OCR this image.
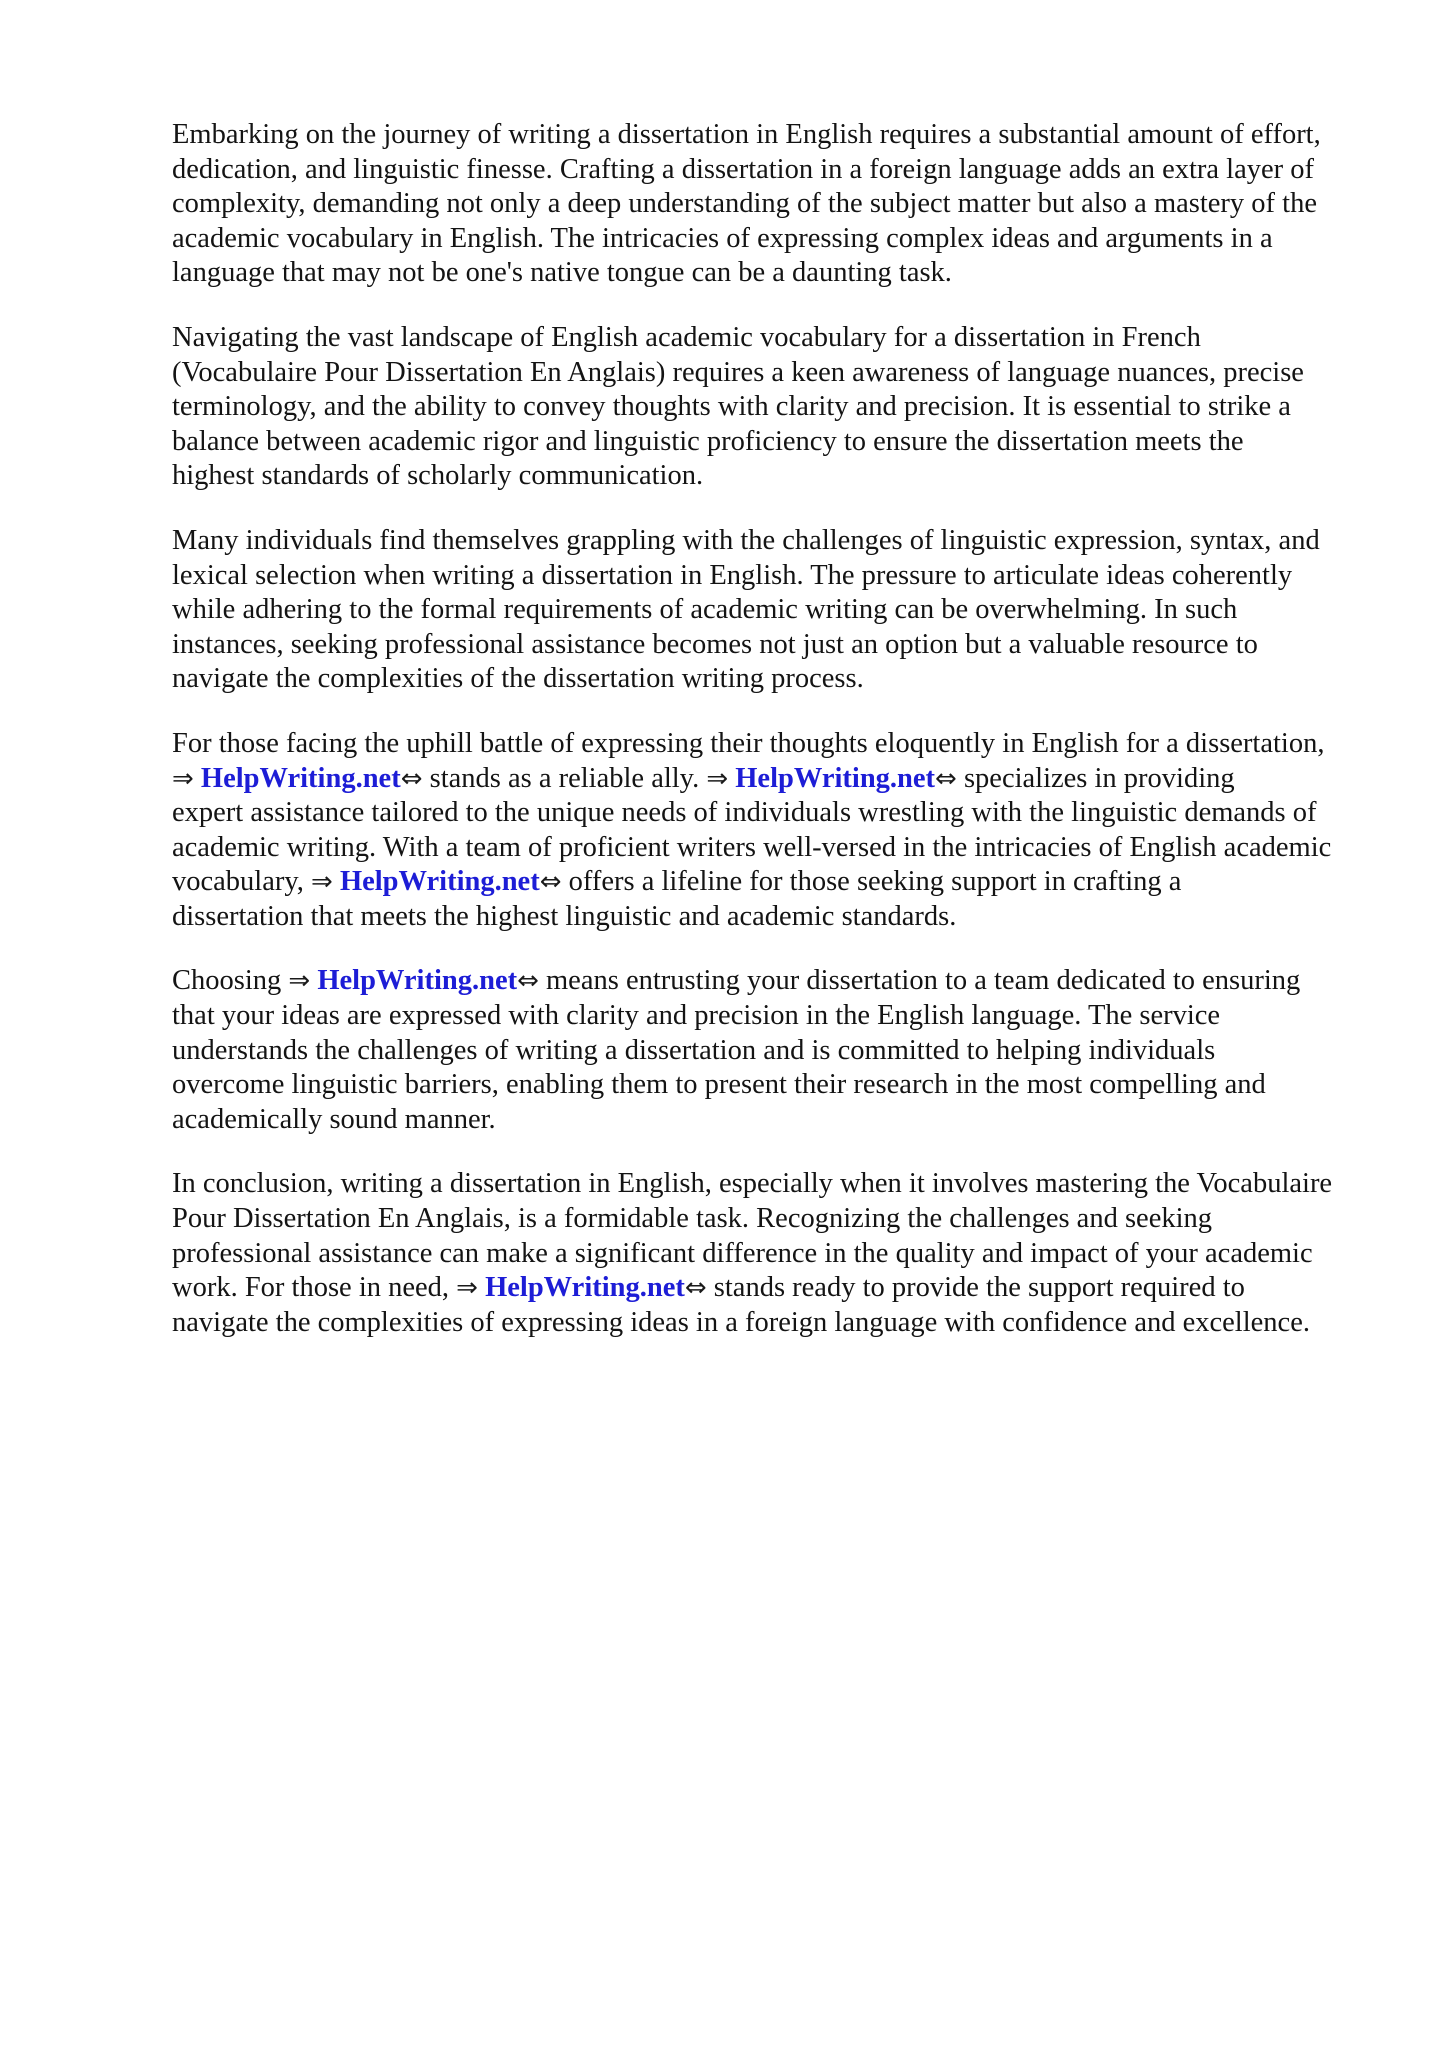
Embarking on the journey of writing a dissertation in English requires a substantial amount of effort,
dedication, and linguistic finesse. Crafting a dissertation in a foreign language adds an extra layer of
complexity, demanding not only a deep understanding of the subject matter but also a mastery of the
academic vocabulary in English. The intricacies of expressing complex ideas and arguments in a
language that may not be one's native tongue can be a daunting task.

Navigating the vast landscape of English academic vocabulary for a dissertation in French
(Vocabulaire Pour Dissertation En Anglais) requires a keen awareness of language nuances, precise
terminology, and the ability to convey thoughts with clarity and precision. It is essential to strike a
balance between academic rigor and linguistic proficiency to ensure the dissertation meets the
highest standards of scholarly communication.

Many individuals find themselves grappling with the challenges of linguistic expression, syntax, and
lexical selection when writing a dissertation in English. The pressure to articulate ideas coherently
while adhering to the formal requirements of academic writing can be overwhelming. In such
instances, seeking professional assistance becomes not just an option but a valuable resource to
navigate the complexities of the dissertation writing process.

For those facing the uphill battle of expressing their thoughts eloquently in English for a dissertation,
⇒ HelpWriting.net⇔ stands as a reliable ally. ⇒ HelpWriting.net⇔ specializes in providing
expert assistance tailored to the unique needs of individuals wrestling with the linguistic demands of
academic writing. With a team of proficient writers well-versed in the intricacies of English academic
vocabulary, ⇒ HelpWriting.net⇔ offers a lifeline for those seeking support in crafting a
dissertation that meets the highest linguistic and academic standards.

Choosing ⇒ HelpWriting.net⇔ means entrusting your dissertation to a team dedicated to ensuring
that your ideas are expressed with clarity and precision in the English language. The service
understands the challenges of writing a dissertation and is committed to helping individuals
overcome linguistic barriers, enabling them to present their research in the most compelling and
academically sound manner.

In conclusion, writing a dissertation in English, especially when it involves mastering the Vocabulaire
Pour Dissertation En Anglais, is a formidable task. Recognizing the challenges and seeking
professional assistance can make a significant difference in the quality and impact of your academic
work. For those in need, ⇒ HelpWriting.net⇔ stands ready to provide the support required to
navigate the complexities of expressing ideas in a foreign language with confidence and excellence.
